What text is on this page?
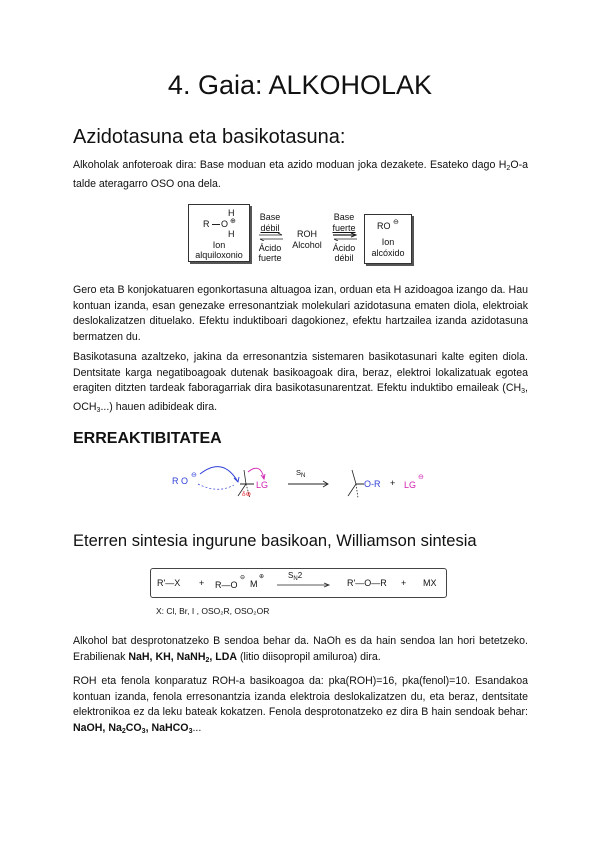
4. Gaia: ALKOHOLAK
Azidotasuna eta basikotasuna:
Alkoholak anfoteroak dira: Base moduan eta azido moduan joka dezakete. Esateko dago $H_2O-a$ talde ateragarro OSO ona dela.
H
R O ⊕
H
Ion
alquiloxonio
Base
débil
Ácido
fuerte
ROH
Alcohol
Base
fuerte
Ácido
débil
RO ⊖
Ion
alcóxido
Gero eta B konjokatuaren egonkortasuna altuagoa izan, orduan eta H azidoagoa izango da. Hau kontuan izanda, esan genezake erresonantziak molekulari azidotasuna ematen diola, elektroiak deslokalizatzen dituelako. Efektu induktiboari dagokionez, efektu hartzailea izanda azidotasuna bermatzen du.
Basikotasuna azaltzeko, jakina da erresonantzia sistemaren basikotasunari kalte egiten diola. Dentsitate karga negatiboagoak dutenak basikoagoak dira, beraz, elektroi lokalizatuak egotea eragiten ditzten tardeak faboragarriak dira basikotasunarentzat. Efektu induktibo emaileak ($CH_3$, $OCH_3$...) hauen adibideak dira.
ERREAKTIBITATEA
R O
⊖
δ⊕
LG
$S_N$
O-R + LG
⊖
Eterren sintesia ingurune basikoan, Williamson sintesia
R'—X + R—O
⊖
M
⊕	$S_N2$
→ R'—O—R + MX
X: Cl, Br, I , OSO₂R, OSO₂OR
Alkohol bat desprotonatzeko B sendoa behar da. NaOh es da hain sendoa lan hori betetzeko. Erabilienak NaH, KH, NaNH$_2$, LDA (litio diisopropil amiluroa) dira.
ROH eta fenola konparatuz ROH-a basikoagoa da: pka(ROH)=16, pka(fenol)=10. Esandakoa kontuan izanda, fenola erresonantzia izanda elektroia deslokalizatzen du, eta beraz, dentsitate elektronikoa ez da leku bateak kokatzen. Fenola desprotonatzeko ez dira B hain sendoak behar: NaOH, $Na_2CO_3$, NaHCO$_3$...
